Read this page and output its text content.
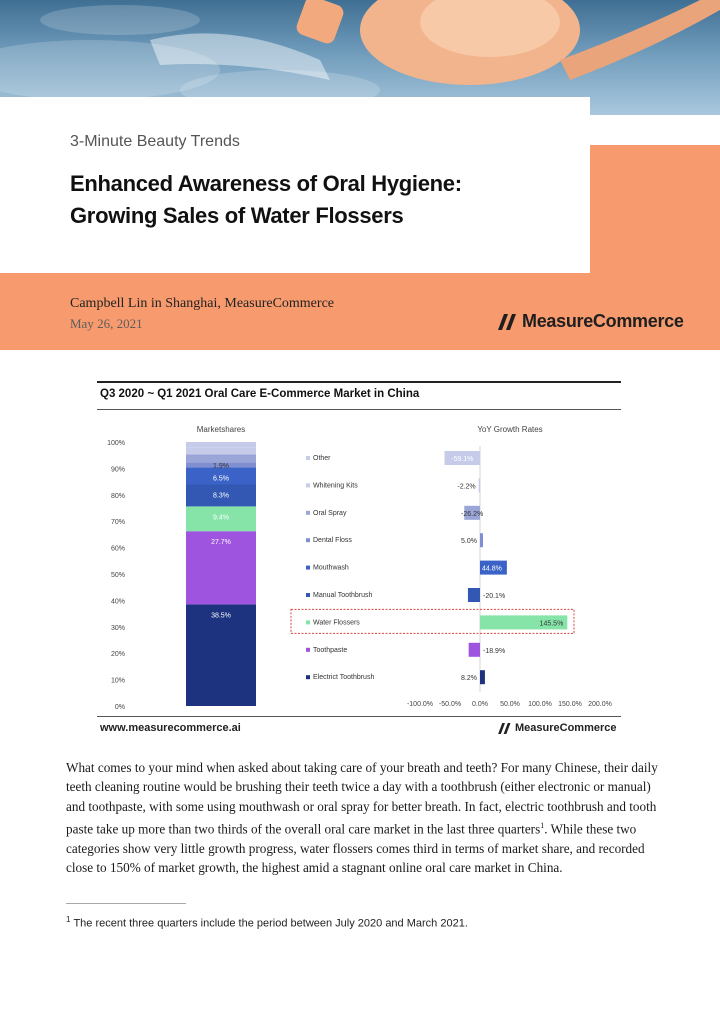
3-Minute Beauty Trends
Enhanced Awareness of Oral Hygiene:
Growing Sales of Water Flossers
Campbell Lin in Shanghai, MeasureCommerce
May 26, 2021	MeasureCommerce
Q3 2020 ~ Q1 2021 Oral Care E-Commerce Market in China
Marketshares
0%
10%
20%
30%
40%
50%
60%
70%
80%
90%
100%
38.5%
27.7%
9.4%
8.3%
6.5%
1.9%
Other
Whitening Kits
Oral Spray
Dental Floss
Mouthwash
Manual Toothbrush
Water Flossers
Toothpaste
Electrict Toothbrush
YoY Growth Rates
-59.1%
-2.2%
-26.2%
5.0%
44.8%
-20.1%
145.5%
-18.9%
8.2%
-100.0% -50.0% 0.0% 50.0% 100.0% 150.0% 200.0%
www.measurecommerce.ai	MeasureCommerce
What comes to your mind when asked about taking care of your breath and teeth? For many Chinese, their daily teeth cleaning routine would be brushing their teeth twice a day with a toothbrush (either electronic or manual) and toothpaste, with some using mouthwash or oral spray for better breath. In fact, electric toothbrush and tooth paste take up more than two thirds of the overall oral care market in the last three quarters$^1$. While these two categories show very little growth progress, water flossers comes third in terms of market share, and recorded close to 150% of market growth, the highest amid a stagnant online oral care market in China.
$^1$ The recent three quarters include the period between July 2020 and March 2021.
